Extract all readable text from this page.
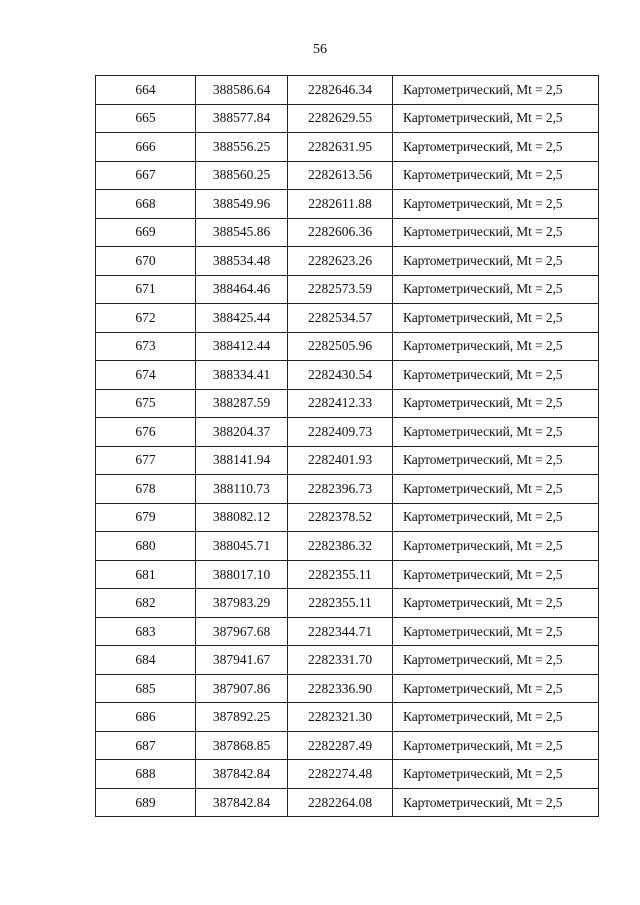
56
664	388586.64	2282646.34	Картометрический, Mt = 2,5
665	388577.84	2282629.55	Картометрический, Mt = 2,5
666	388556.25	2282631.95	Картометрический, Mt = 2,5
667	388560.25	2282613.56	Картометрический, Mt = 2,5
668	388549.96	2282611.88	Картометрический, Mt = 2,5
669	388545.86	2282606.36	Картометрический, Mt = 2,5
670	388534.48	2282623.26	Картометрический, Mt = 2,5
671	388464.46	2282573.59	Картометрический, Mt = 2,5
672	388425.44	2282534.57	Картометрический, Mt = 2,5
673	388412.44	2282505.96	Картометрический, Mt = 2,5
674	388334.41	2282430.54	Картометрический, Mt = 2,5
675	388287.59	2282412.33	Картометрический, Mt = 2,5
676	388204.37	2282409.73	Картометрический, Mt = 2,5
677	388141.94	2282401.93	Картометрический, Mt = 2,5
678	388110.73	2282396.73	Картометрический, Mt = 2,5
679	388082.12	2282378.52	Картометрический, Mt = 2,5
680	388045.71	2282386.32	Картометрический, Mt = 2,5
681	388017.10	2282355.11	Картометрический, Mt = 2,5
682	387983.29	2282355.11	Картометрический, Mt = 2,5
683	387967.68	2282344.71	Картометрический, Mt = 2,5
684	387941.67	2282331.70	Картометрический, Mt = 2,5
685	387907.86	2282336.90	Картометрический, Mt = 2,5
686	387892.25	2282321.30	Картометрический, Mt = 2,5
687	387868.85	2282287.49	Картометрический, Mt = 2,5
688	387842.84	2282274.48	Картометрический, Mt = 2,5
689	387842.84	2282264.08	Картометрический, Mt = 2,5
